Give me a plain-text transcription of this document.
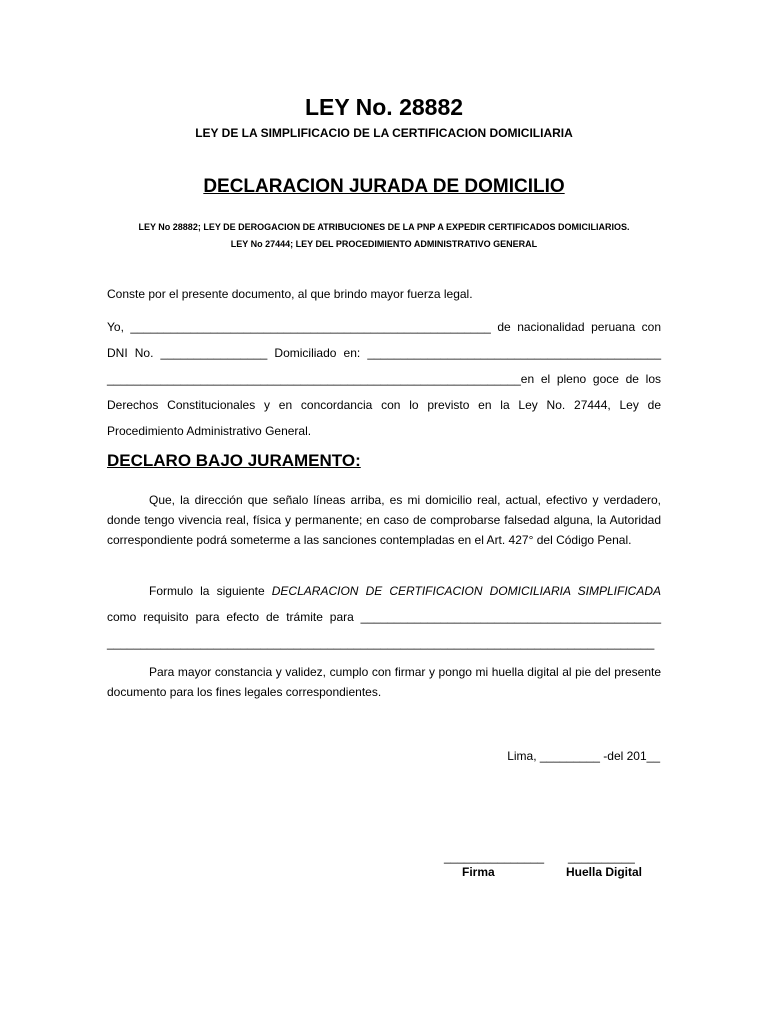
LEY No. 28882
LEY DE LA SIMPLIFICACIO DE LA CERTIFICACION DOMICILIARIA
DECLARACION JURADA DE DOMICILIO
LEY No 28882; LEY DE DEROGACION DE ATRIBUCIONES DE LA PNP A EXPEDIR CERTIFICADOS DOMICILIARIOS.
LEY No 27444; LEY DEL PROCEDIMIENTO ADMINISTRATIVO GENERAL
Conste por el presente documento, al que brindo mayor fuerza legal.
Yo, ______________________________________________________ de nacionalidad peruana con
DNI No. ________________ Domiciliado en: ____________________________________________
______________________________________________________________en el pleno goce de los
Derechos Constitucionales y en concordancia con lo previsto en la Ley No. 27444, Ley de
Procedimiento Administrativo General.
DECLARO BAJO JURAMENTO:
Que, la dirección que señalo líneas arriba, es mi domicilio real, actual, efectivo y verdadero, donde tengo vivencia real, física y permanente; en caso de comprobarse falsedad alguna, la Autoridad correspondiente podrá someterme a las sanciones contempladas en el Art. 427° del Código Penal.
Formulo la siguiente DECLARACION DE CERTIFICACION DOMICILIARIA SIMPLIFICADA
como requisito para efecto de trámite para _____________________________________________
__________________________________________________________________________________
Para mayor constancia y validez, cumplo con firmar y pongo mi huella digital al pie del presente documento para los fines legales correspondientes.
Lima, _________ -del 201__
_______________ __________
Firma	Huella Digital
